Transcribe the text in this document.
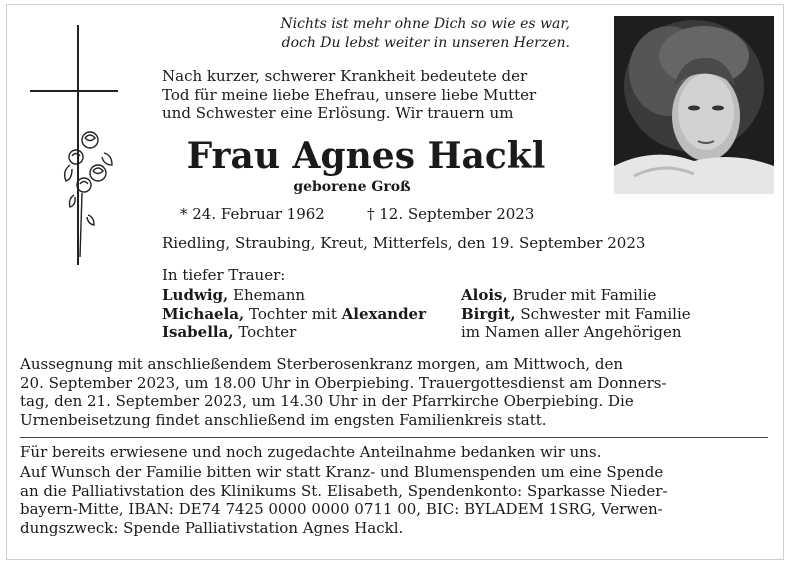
Nichts ist mehr ohne Dich so wie es war,
doch Du lebst weiter in unseren Herzen.
Nach kurzer, schwerer Krankheit bedeutete der
Tod für meine liebe Ehefrau, unsere liebe Mutter
und Schwester eine Erlösung. Wir trauern um
Frau Agnes Hackl
geborene Groß
* 24. Februar 1962	† 12. September 2023
Riedling, Straubing, Kreut, Mitterfels, den 19. September 2023
In tiefer Trauer:
Ludwig, Ehemann
Michaela, Tochter mit Alexander
Isabella, Tochter
Alois, Bruder mit Familie
Birgit, Schwester mit Familie
im Namen aller Angehörigen
Aussegnung mit anschließendem Sterberosenkranz morgen, am Mittwoch, den
20. September 2023, um 18.00 Uhr in Oberpiebing. Trauergottesdienst am Donners-
tag, den 21. September 2023, um 14.30 Uhr in der Pfarrkirche Oberpiebing. Die
Urnenbeisetzung findet anschließend im engsten Familienkreis statt.
Für bereits erwiesene und noch zugedachte Anteilnahme bedanken wir uns.
Auf Wunsch der Familie bitten wir statt Kranz- und Blumenspenden um eine Spende
an die Palliativstation des Klinikums St. Elisabeth, Spendenkonto: Sparkasse Nieder-
bayern-Mitte, IBAN: DE74 7425 0000 0000 0711 00, BIC: BYLADEM 1SRG, Verwen-
dungszweck: Spende Palliativstation Agnes Hackl.
